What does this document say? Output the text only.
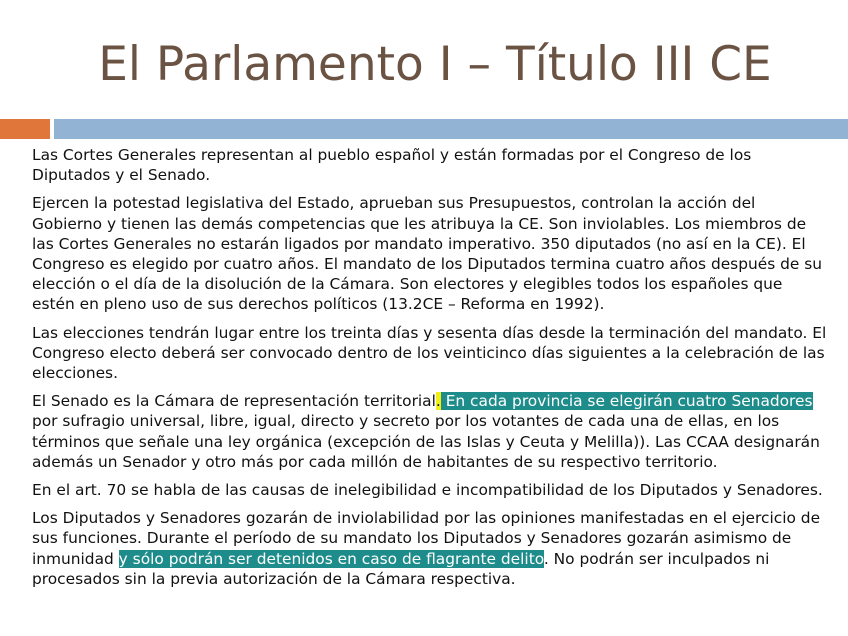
El Parlamento I – Título III CE

Las Cortes Generales representan al pueblo español y están formadas por el Congreso de los Diputados y el Senado.

Ejercen la potestad legislativa del Estado, aprueban sus Presupuestos, controlan la acción del Gobierno y tienen las demás competencias que les atribuya la CE. Son inviolables. Los miembros de las Cortes Generales no estarán ligados por mandato imperativo. 350 diputados (no así en la CE). El Congreso es elegido por cuatro años. El mandato de los Diputados termina cuatro años después de su elección o el día de la disolución de la Cámara. Son electores y elegibles todos los españoles que estén en pleno uso de sus derechos políticos (13.2CE – Reforma en 1992).

Las elecciones tendrán lugar entre los treinta días y sesenta días desde la terminación del mandato. El Congreso electo deberá ser convocado dentro de los veinticinco días siguientes a la celebración de las elecciones.

El Senado es la Cámara de representación territorial. En cada provincia se elegirán cuatro Senadores por sufragio universal, libre, igual, directo y secreto por los votantes de cada una de ellas, en los términos que señale una ley orgánica (excepción de las Islas y Ceuta y Melilla)). Las CCAA designarán además un Senador y otro más por cada millón de habitantes de su respectivo territorio.

En el art. 70 se habla de las causas de inelegibilidad e incompatibilidad de los Diputados y Senadores.

Los Diputados y Senadores gozarán de inviolabilidad por las opiniones manifestadas en el ejercicio de sus funciones. Durante el período de su mandato los Diputados y Senadores gozarán asimismo de inmunidad y sólo podrán ser detenidos en caso de flagrante delito. No podrán ser inculpados ni procesados sin la previa autorización de la Cámara respectiva.
